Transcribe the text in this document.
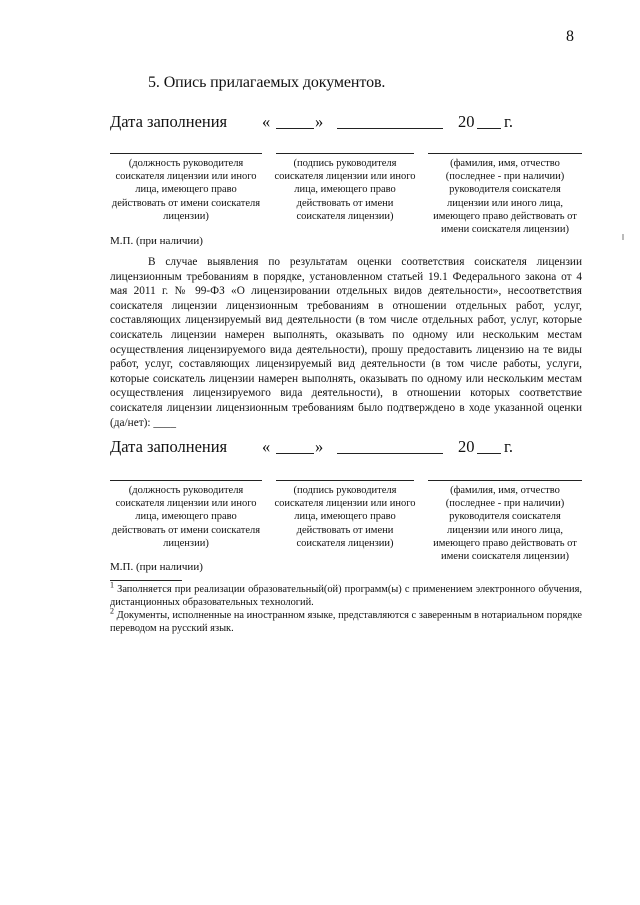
8
5. Опись прилагаемых документов.
Дата заполнения «	»	20 г.
(должность руководителя соискателя лицензии или иного лица, имеющего право действовать от имени соискателя лицензии)
(подпись руководителя соискателя лицензии или иного лица, имеющего право действовать от имени соискателя лицензии)
(фамилия, имя, отчество (последнее - при наличии) руководителя соискателя лицензии или иного лица, имеющего право действовать от имени соискателя лицензии)
М.П. (при наличии)
В случае выявления по результатам оценки соответствия соискателя лицензии лицензионным требованиям в порядке, установленном статьей 19.1 Федерального закона от 4 мая 2011 г. № 99-ФЗ «О лицензировании отдельных видов деятельности», несоответствия соискателя лицензии лицензионным требованиям в отношении отдельных работ, услуг, составляющих лицензируемый вид деятельности (в том числе отдельных работ, услуг, которые соискатель лицензии намерен выполнять, оказывать по одному или нескольким местам осуществления лицензируемого вида деятельности), прошу предоставить лицензию на те виды работ, услуг, составляющих лицензируемый вид деятельности (в том числе работы, услуги, которые соискатель лицензии намерен выполнять, оказывать по одному или нескольким местам осуществления лицензируемого вида деятельности), в отношении которых соответствие соискателя лицензии лицензионным требованиям было подтверждено в ходе указанной оценки (да/нет): ____
Дата заполнения «	»	20 г.
(должность руководителя соискателя лицензии или иного лица, имеющего право действовать от имени соискателя лицензии)
(подпись руководителя соискателя лицензии или иного лица, имеющего право действовать от имени соискателя лицензии)
(фамилия, имя, отчество (последнее - при наличии) руководителя соискателя лицензии или иного лица, имеющего право действовать от имени соискателя лицензии)
М.П. (при наличии)
$^1$ Заполняется при реализации образовательный(ой) программ(ы) с применением электронного обучения, дистанционных образовательных технологий.
$^2$ Документы, исполненные на иностранном языке, представляются с заверенным в нотариальном порядке переводом на русский язык.
